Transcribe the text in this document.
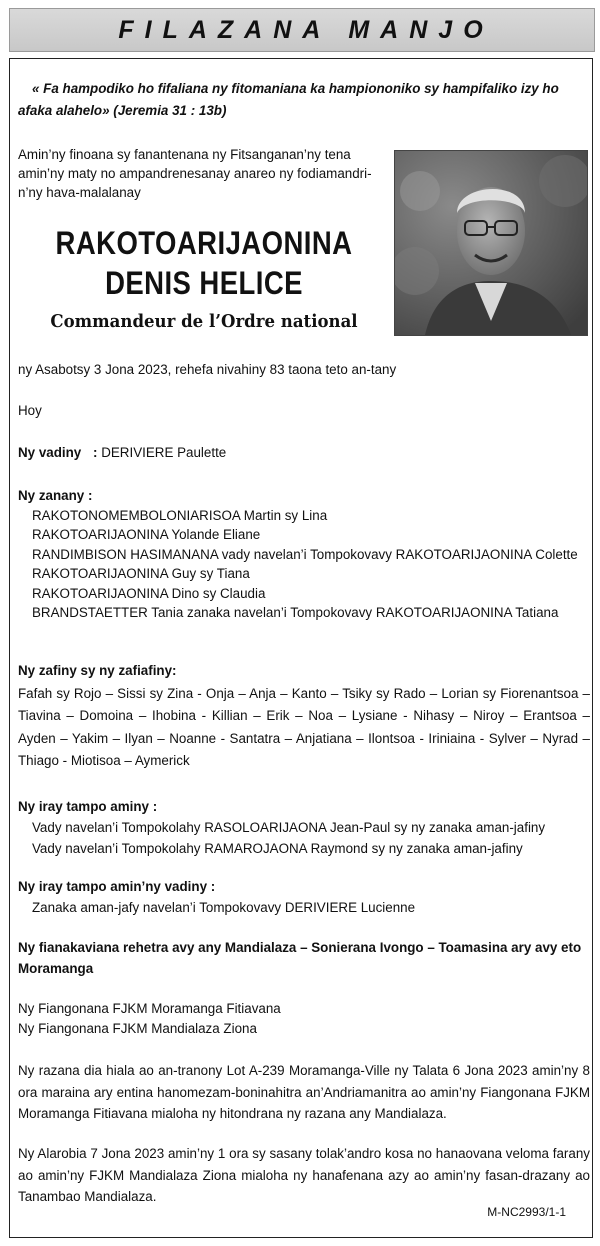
FILAZANA MANJO
« Fa hampodiko ho fifaliana ny fitomaniana ka hampiononiko sy hampifaliko izy ho afaka alahelo» (Jeremia 31 : 13b)
Amin’ny finoana sy fanantenana ny Fitsanganan’ny tena amin’ny maty no ampandrenesanay anareo ny fodiamandri-n’ny hava-malalanay
RAKOTOARIJAONINA
DENIS HELICE
Commandeur de l’Ordre national
ny Asabotsy 3 Jona 2023, rehefa nivahiny 83 taona teto an-tany
Hoy
Ny vadiny : DERIVIERE Paulette
Ny zanany :
RAKOTONOMEMBOLONIARISOA Martin sy Lina
RAKOTOARIJAONINA Yolande Eliane
RANDIMBISON HASIMANANA vady navelan’i Tompokovavy RAKOTOARIJAONINA Colette
RAKOTOARIJAONINA Guy sy Tiana
RAKOTOARIJAONINA Dino sy Claudia
BRANDSTAETTER Tania zanaka navelan’i Tompokovavy RAKOTOARIJAONINA Tatiana
Ny zafiny sy ny zafiafiny:
Fafah sy Rojo – Sissi sy Zina - Onja – Anja – Kanto – Tsiky sy Rado – Lorian sy Fiorenantsoa – Tiavina – Domoina – Ihobina - Killian – Erik – Noa – Lysiane - Nihasy – Niroy – Erantsoa – Ayden – Yakim – Ilyan – Noanne - Santatra – Anjatiana – Ilontsoa - Iriniaina - Sylver – Nyrad – Thiago - Miotisoa – Aymerick
Ny iray tampo aminy :
Vady navelan’i Tompokolahy RASOLOARIJAONA Jean-Paul sy ny zanaka aman-jafiny
Vady navelan’i Tompokolahy RAMAROJAONA Raymond sy ny zanaka aman-jafiny
Ny iray tampo amin’ny vadiny :
Zanaka aman-jafy navelan’i Tompokovavy DERIVIERE Lucienne
Ny fianakaviana rehetra avy any Mandialaza – Sonierana Ivongo – Toamasina ary avy eto Moramanga
Ny Fiangonana FJKM Moramanga Fitiavana
Ny Fiangonana FJKM Mandialaza Ziona
Ny razana dia hiala ao an-tranony Lot A-239 Moramanga-Ville ny Talata 6 Jona 2023 amin’ny 8 ora maraina ary entina hanomezam-boninahitra an’Andriamanitra ao amin’ny Fiangonana FJKM Moramanga Fitiavana mialoha ny hitondrana ny razana any Mandialaza.
Ny Alarobia 7 Jona 2023 amin’ny 1 ora sy sasany tolak’andro kosa no hanaovana veloma farany ao amin’ny FJKM Mandialaza Ziona mialoha ny hanafenana azy ao amin’ny fasan-drazany ao Tanambao Mandialaza.
M-NC2993/1-1
